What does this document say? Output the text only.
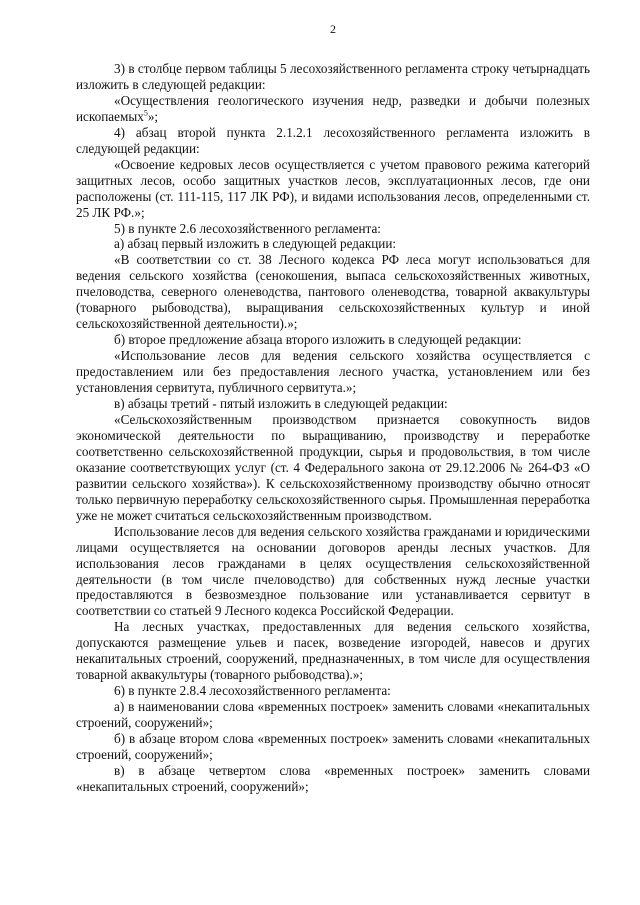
2

3) в столбце первом таблицы 5 лесохозяйственного регламента строку четырнадцать изложить в следующей редакции:

«Осуществления геологического изучения недр, разведки и добычи полезных ископаемых$^5$»;

4) абзац второй пункта 2.1.2.1 лесохозяйственного регламента изложить в следующей редакции:

«Освоение кедровых лесов осуществляется с учетом правового режима категорий защитных лесов, особо защитных участков лесов, эксплуатационных лесов, где они расположены (ст. 111-115, 117 ЛК РФ), и видами использования лесов, определенными ст. 25 ЛК РФ.»;

5) в пункте 2.6 лесохозяйственного регламента:

а) абзац первый изложить в следующей редакции:

«В соответствии со ст. 38 Лесного кодекса РФ леса могут использоваться для ведения сельского хозяйства (сенокошения, выпаса сельскохозяйственных животных, пчеловодства, северного оленеводства, пантового оленеводства, товарной аквакультуры (товарного рыбоводства), выращивания сельскохозяйственных культур и иной сельскохозяйственной деятельности).»;

б) второе предложение абзаца второго изложить в следующей редакции:

«Использование лесов для ведения сельского хозяйства осуществляется с предоставлением или без предоставления лесного участка, установлением или без установления сервитута, публичного сервитута.»;

в) абзацы третий - пятый изложить в следующей редакции:

«Сельскохозяйственным производством признается совокупность видов экономической деятельности по выращиванию, производству и переработке соответственно сельскохозяйственной продукции, сырья и продовольствия, в том числе оказание соответствующих услуг (ст. 4 Федерального закона от 29.12.2006 № 264-ФЗ «О развитии сельского хозяйства»). К сельскохозяйственному производству обычно относят только первичную переработку сельскохозяйственного сырья. Промышленная переработка уже не может считаться сельскохозяйственным производством.

Использование лесов для ведения сельского хозяйства гражданами и юридическими лицами осуществляется на основании договоров аренды лесных участков. Для использования лесов гражданами в целях осуществления сельскохозяйственной деятельности (в том числе пчеловодство) для собственных нужд лесные участки предоставляются в безвозмездное пользование или устанавливается сервитут в соответствии со статьей 9 Лесного кодекса Российской Федерации.

На лесных участках, предоставленных для ведения сельского хозяйства, допускаются размещение ульев и пасек, возведение изгородей, навесов и других некапитальных строений, сооружений, предназначенных, в том числе для осуществления товарной аквакультуры (товарного рыбоводства).»;

6) в пункте 2.8.4 лесохозяйственного регламента:

а) в наименовании слова «временных построек» заменить словами «некапитальных строений, сооружений»;

б) в абзаце втором слова «временных построек» заменить словами «некапитальных строений, сооружений»;

в) в абзаце четвертом слова «временных построек» заменить словами «некапитальных строений, сооружений»;
